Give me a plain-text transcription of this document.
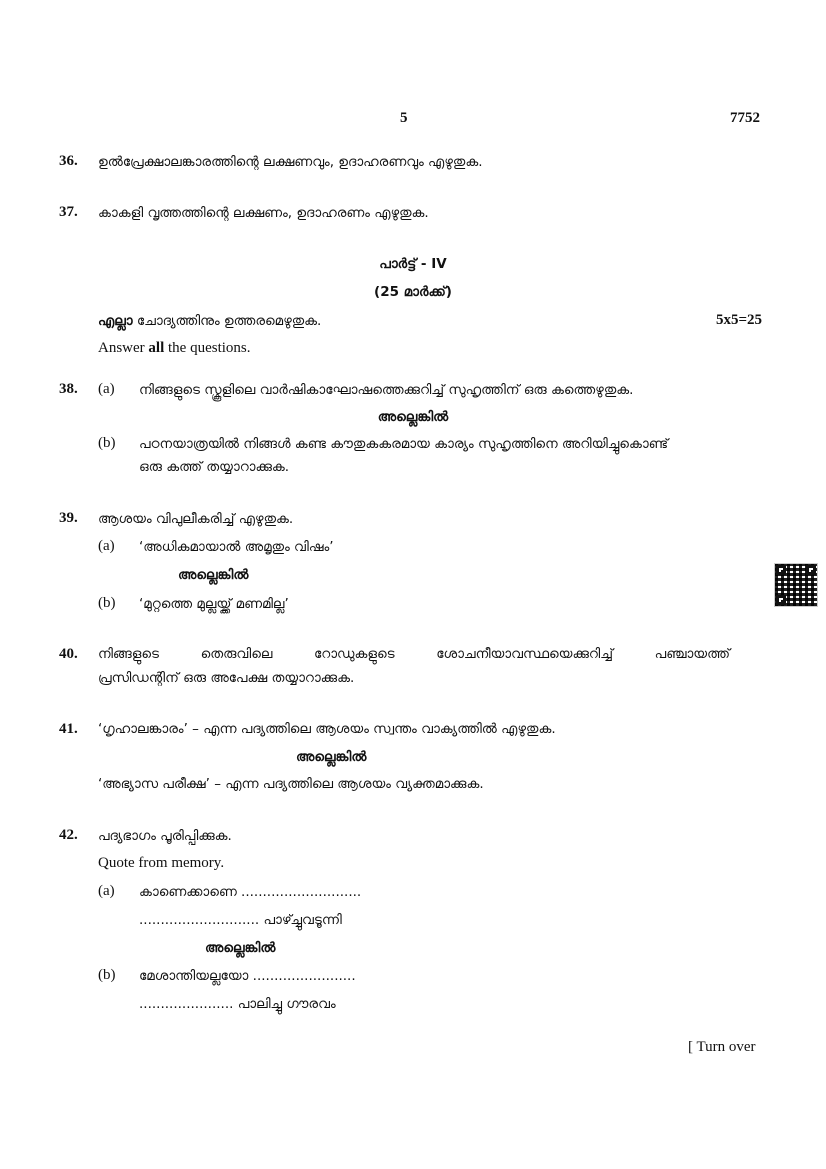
5	7752
36. ഉൽപ്രേക്ഷാലങ്കാരത്തിന്റെ ലക്ഷണവും, ഉദാഹരണവും എഴുതുക.
37. കാകളി വൃത്തത്തിന്റെ ലക്ഷണം, ഉദാഹരണം എഴുതുക.
പാർട്ട് - IV
(25 മാർക്ക്)
എല്ലാ ചോദ്യത്തിനും ഉത്തരമെഴുതുക.	5x5=25
Answer all the questions.
38. (a) നിങ്ങളുടെ സ്കൂളിലെ വാർഷികാഘോഷത്തെക്കുറിച്ച് സുഹൃത്തിന് ഒരു കത്തെഴുതുക.
അല്ലെങ്കിൽ
(b) പഠനയാത്രയിൽ നിങ്ങൾ കണ്ട കൗതുകകരമായ കാര്യം സുഹൃത്തിനെ അറിയിച്ചുകൊണ്ട്
ഒരു കത്ത് തയ്യാറാക്കുക.
39. ആശയം വിപുലീകരിച്ച് എഴുതുക.
(a) ‘അധികമായാൽ അമൃതും വിഷം’
അല്ലെങ്കിൽ
(b) ‘മുറ്റത്തെ മുല്ലയ്ക്ക് മണമില്ല’
40. നിങ്ങളുടെ തെരുവിലെ റോഡുകളുടെ ശോചനീയാവസ്ഥയെക്കുറിച്ച് പഞ്ചായത്ത്
പ്രസിഡന്റിന് ഒരു അപേക്ഷ തയ്യാറാക്കുക.
41. ‘ഗൃഹാലങ്കാരം’ – എന്ന പദ്യത്തിലെ ആശയം സ്വന്തം വാക്യത്തിൽ എഴുതുക.
അല്ലെങ്കിൽ
‘അഭ്യാസ പരീക്ഷ’ – എന്ന പദ്യത്തിലെ ആശയം വ്യക്തമാക്കുക.
42. പദ്യഭാഗം പൂരിപ്പിക്കുക.
Quote from memory.
(a) കാണെക്കാണെ ............................
............................ പാഴ്ച്ചുവടൂന്നി
അല്ലെങ്കിൽ
(b) മേശാന്തിയല്ലയോ ........................
...................... പാലിച്ചു ഗൗരവം
[ Turn over
